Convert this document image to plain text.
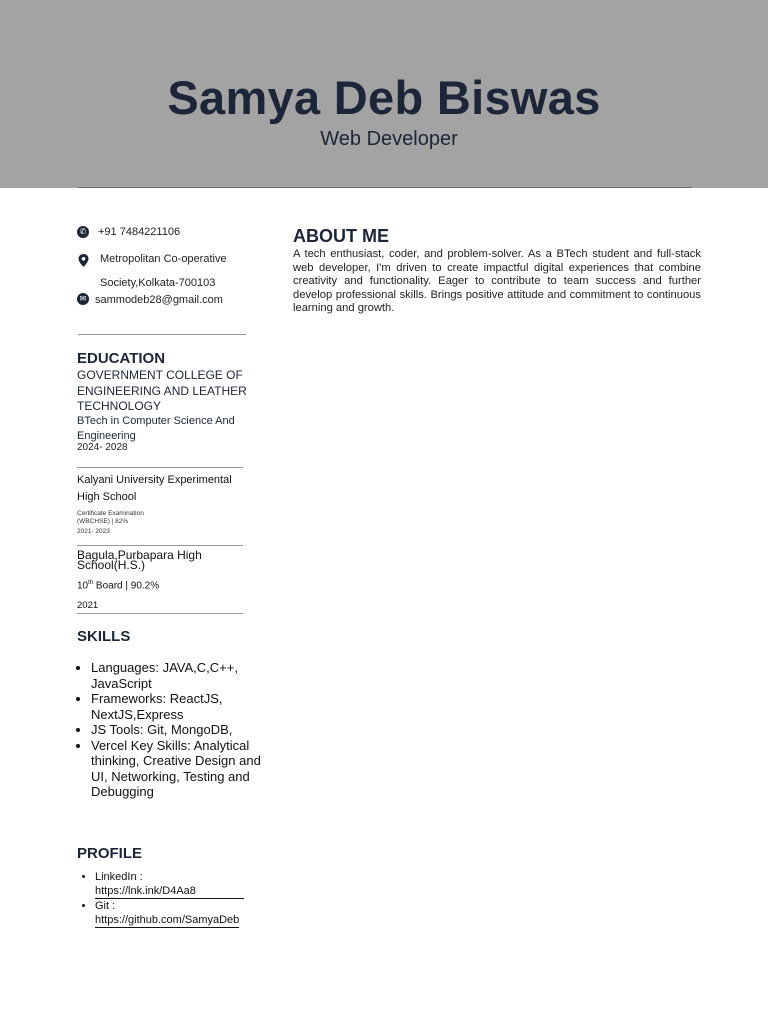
Samya Deb Biswas
Web Developer
✆ +91 7484221106
Metropolitan Co-operative
Society,Kolkata-700103
✉ sammodeb28@gmail.com
EDUCATION
GOVERNMENT COLLEGE OF ENGINEERING AND LEATHER TECHNOLOGY
BTech in Computer Science And Engineering
2024- 2028
Kalyani University Experimental High School
Certificate Examination
(WBCHSE) | 82%
2021- 2023
Bagula,Purbapara High School(H.S.)
10th Board | 90.2%
2021
SKILLS
• Languages: JAVA,C,C++, JavaScript
• Frameworks: ReactJS, NextJS,Express
• JS Tools: Git, MongoDB,
• Vercel Key Skills: Analytical thinking, Creative Design and UI, Networking, Testing and Debugging
PROFILE
• LinkedIn :
https://lnk.ink/D4Aa8
• Git :
https://github.com/SamyaDeb
ABOUT ME
A tech enthusiast, coder, and problem-solver. As a BTech student and full-stack web developer, I'm driven to create impactful digital experiences that combine creativity and functionality. Eager to contribute to team success and further develop professional skills. Brings positive attitude and commitment to continuous learning and growth.
